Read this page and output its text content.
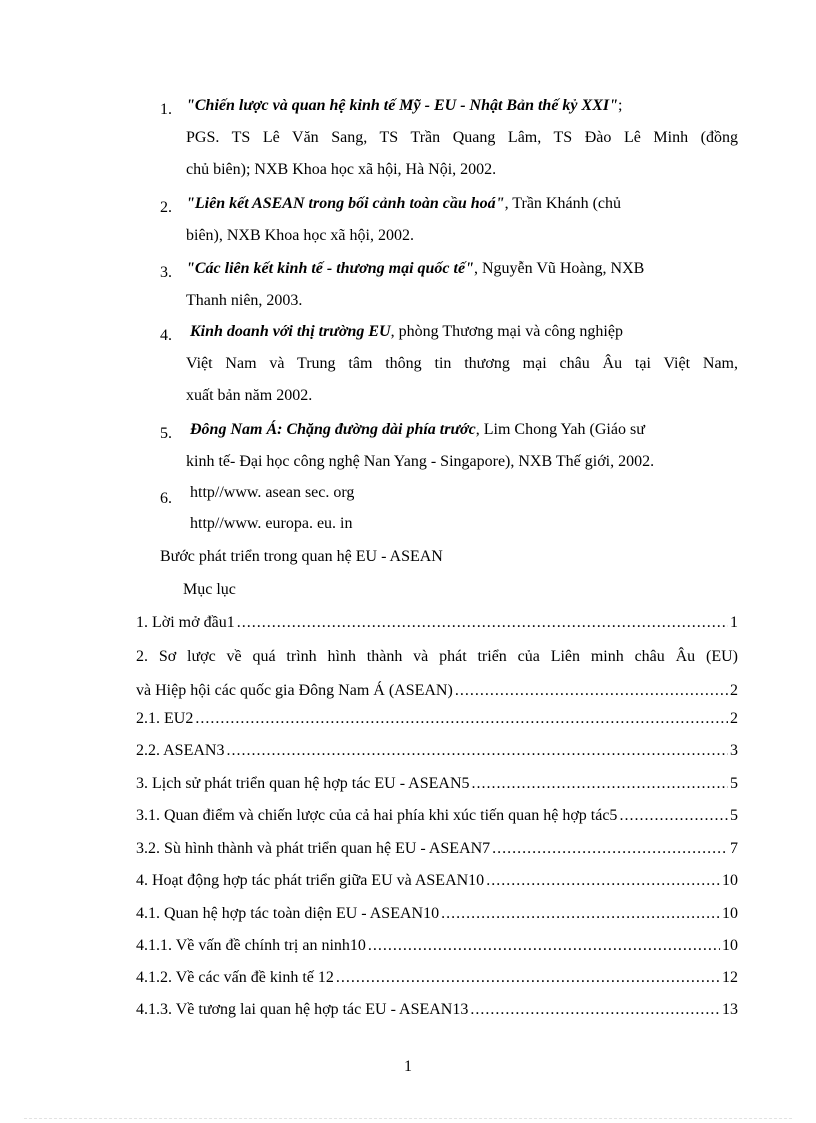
1. "Chiến lược và quan hệ kinh tế Mỹ - EU - Nhật Bản thế kỷ XXI";
PGS. TS Lê Văn Sang, TS Trần Quang Lâm, TS Đào Lê Minh (đồng
chủ biên); NXB Khoa học xã hội, Hà Nội, 2002.
2. "Liên kết ASEAN trong bối cảnh toàn cầu hoá", Trần Khánh (chủ
biên), NXB Khoa học xã hội, 2002.
3. "Các liên kết kinh tế - thương mại quốc tế", Nguyễn Vũ Hoàng, NXB
Thanh niên, 2003.
4. Kinh doanh với thị trường EU, phòng Thương mại và công nghiệp
Việt Nam và Trung tâm thông tin thương mại châu Âu tại Việt Nam,
xuất bản năm 2002.
5. Đông Nam Á: Chặng đường dài phía trước, Lim Chong Yah (Giáo sư
kinh tế- Đại học công nghệ Nan Yang - Singapore), NXB Thế giới, 2002.
6. http//www. asean sec. org
http//www. europa. eu. in
Bước phát triển trong quan hệ EU - ASEAN
Mục lục
1. Lời mở đầu1 .....	1
2. Sơ lược về quá trình hình thành và phát triển của Liên minh châu Âu (EU)
và Hiệp hội các quốc gia Đông Nam Á (ASEAN) .....	2
2.1. EU2 .....	2
2.2. ASEAN3 .....	3
3. Lịch sử phát triển quan hệ hợp tác EU - ASEAN5 .....	5
3.1. Quan điểm và chiến lược của cả hai phía khi xúc tiến quan hệ hợp tác5 .....	5
3.2. Sù hình thành và phát triển quan hệ EU - ASEAN7 .....	7
4. Hoạt động hợp tác phát triển giữa EU và ASEAN10 .....	10
4.1. Quan hệ hợp tác toàn diện EU - ASEAN10 .....	10
4.1.1. Về vấn đề chính trị an ninh10 .....	10
4.1.2. Về các vấn đề kinh tế 12 .....	12
4.1.3. Về tương lai quan hệ hợp tác EU - ASEAN13 .....	13
1
